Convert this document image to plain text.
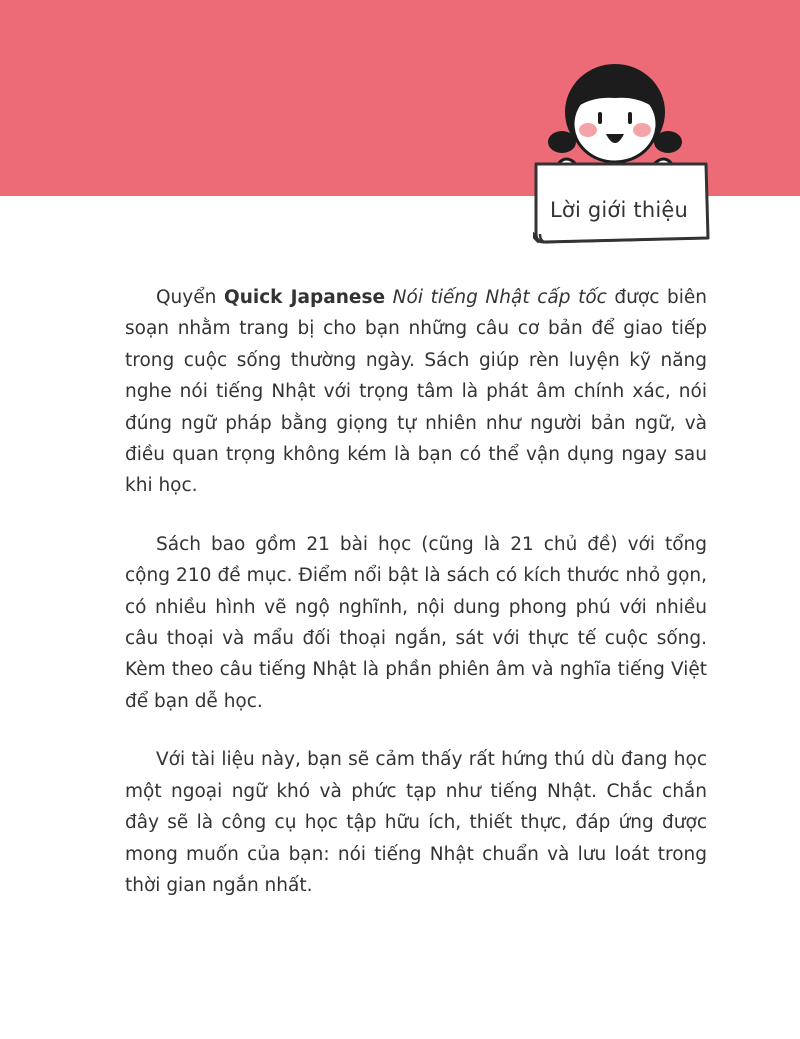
Lời giới thiệu

Quyển Quick Japanese Nói tiếng Nhật cấp tốc được biên soạn nhằm trang bị cho bạn những câu cơ bản để giao tiếp trong cuộc sống thường ngày. Sách giúp rèn luyện kỹ năng nghe nói tiếng Nhật với trọng tâm là phát âm chính xác, nói đúng ngữ pháp bằng giọng tự nhiên như người bản ngữ, và điều quan trọng không kém là bạn có thể vận dụng ngay sau khi học.

Sách bao gồm 21 bài học (cũng là 21 chủ đề) với tổng cộng 210 đề mục. Điểm nổi bật là sách có kích thước nhỏ gọn, có nhiều hình vẽ ngộ nghĩnh, nội dung phong phú với nhiều câu thoại và mẩu đối thoại ngắn, sát với thực tế cuộc sống. Kèm theo câu tiếng Nhật là phần phiên âm và nghĩa tiếng Việt để bạn dễ học.

Với tài liệu này, bạn sẽ cảm thấy rất hứng thú dù đang học một ngoại ngữ khó và phức tạp như tiếng Nhật. Chắc chắn đây sẽ là công cụ học tập hữu ích, thiết thực, đáp ứng được mong muốn của bạn: nói tiếng Nhật chuẩn và lưu loát trong thời gian ngắn nhất.
